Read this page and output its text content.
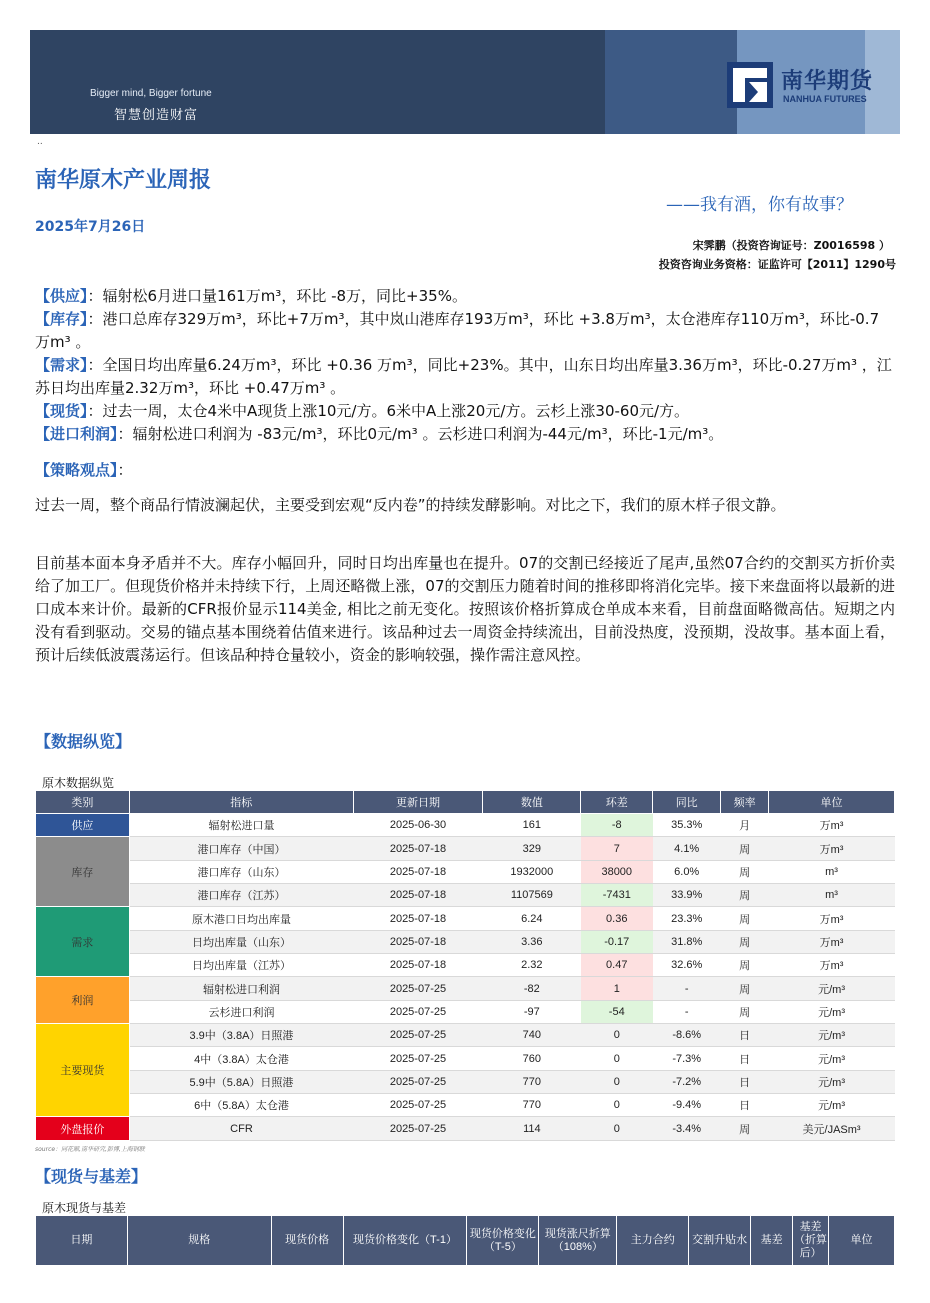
Bigger mind, Bigger fortune
智慧创造财富
南华期货
NANHUA FUTURES
..
南华原木产业周报
——我有酒，你有故事？
2025年7月26日
宋霁鹏（投资咨询证号：Z0016598 ）
投资咨询业务资格：证监许可【2011】1290号
【供应】：辐射松6月进口量161万m³，环比 -8万，同比+35%。
【库存】：港口总库存329万m³，环比+7万m³，其中岚山港库存193万m³，环比 +3.8万m³，太仓港库存110万m³，环比-0.7万m³ 。
【需求】：全国日均出库量6.24万m³，环比 +0.36 万m³，同比+23%。其中，山东日均出库量3.36万m³，环比-0.27万m³ ，江苏日均出库量2.32万m³，环比 +0.47万m³ 。
【现货】：过去一周，太仓4米中A现货上涨10元/方。6米中A上涨20元/方。云杉上涨30-60元/方。
【进口利润】：辐射松进口利润为 -83元/m³，环比0元/m³ 。云杉进口利润为-44元/m³，环比-1元/m³。
【策略观点】：
过去一周，整个商品行情波澜起伏，主要受到宏观“反内卷”的持续发酵影响。对比之下，我们的原木样子很文静。
目前基本面本身矛盾并不大。库存小幅回升，同时日均出库量也在提升。07的交割已经接近了尾声,虽然07合约的交割买方折价卖给了加工厂。但现货价格并未持续下行，上周还略微上涨，07的交割压力随着时间的推移即将消化完毕。接下来盘面将以最新的进口成本来计价。最新的CFR报价显示114美金, 相比之前无变化。按照该价格折算成仓单成本来看，目前盘面略微高估。短期之内没有看到驱动。交易的锚点基本围绕着估值来进行。该品种过去一周资金持续流出，目前没热度，没预期，没故事。基本面上看，预计后续低波震荡运行。但该品种持仓量较小，资金的影响较强，操作需注意风控。
【数据纵览】
原木数据纵览
类别	指标	更新日期	数值	环差	同比	频率	单位
供应	辐射松进口量	2025-06-30	161	-8	35.3%	月	万m³
库存	港口库存（中国）	2025-07-18	329	7	4.1%	周	万m³
	港口库存（山东）	2025-07-18	1932000	38000	6.0%	周	m³
	港口库存（江苏）	2025-07-18	1107569	-7431	33.9%	周	m³
需求	原木港口日均出库量	2025-07-18	6.24	0.36	23.3%	周	万m³
	日均出库量（山东）	2025-07-18	3.36	-0.17	31.8%	周	万m³
	日均出库量（江苏）	2025-07-18	2.32	0.47	32.6%	周	万m³
利润	辐射松进口利润	2025-07-25	-82	1	-	周	元/m³
	云杉进口利润	2025-07-25	-97	-54	-	周	元/m³
主要现货	3.9中（3.8A）日照港	2025-07-25	740	0	-8.6%	日	元/m³
	4中（3.8A）太仓港	2025-07-25	760	0	-7.3%	日	元/m³
	5.9中（5.8A）日照港	2025-07-25	770	0	-7.2%	日	元/m³
	6中（5.8A）太仓港	2025-07-25	770	0	-9.4%	日	元/m³
外盘报价	CFR	2025-07-25	114	0	-3.4%	周	美元/JASm³
source：同花顺,南华研究,彭博,上海钢联
【现货与基差】
原木现货与基差
日期	规格	现货价格	现货价格变化（T-1）	现货价格变化（T-5）	现货涨尺折算（108%）	主力合约	交割升贴水	基差	基差（折算后）	单位
